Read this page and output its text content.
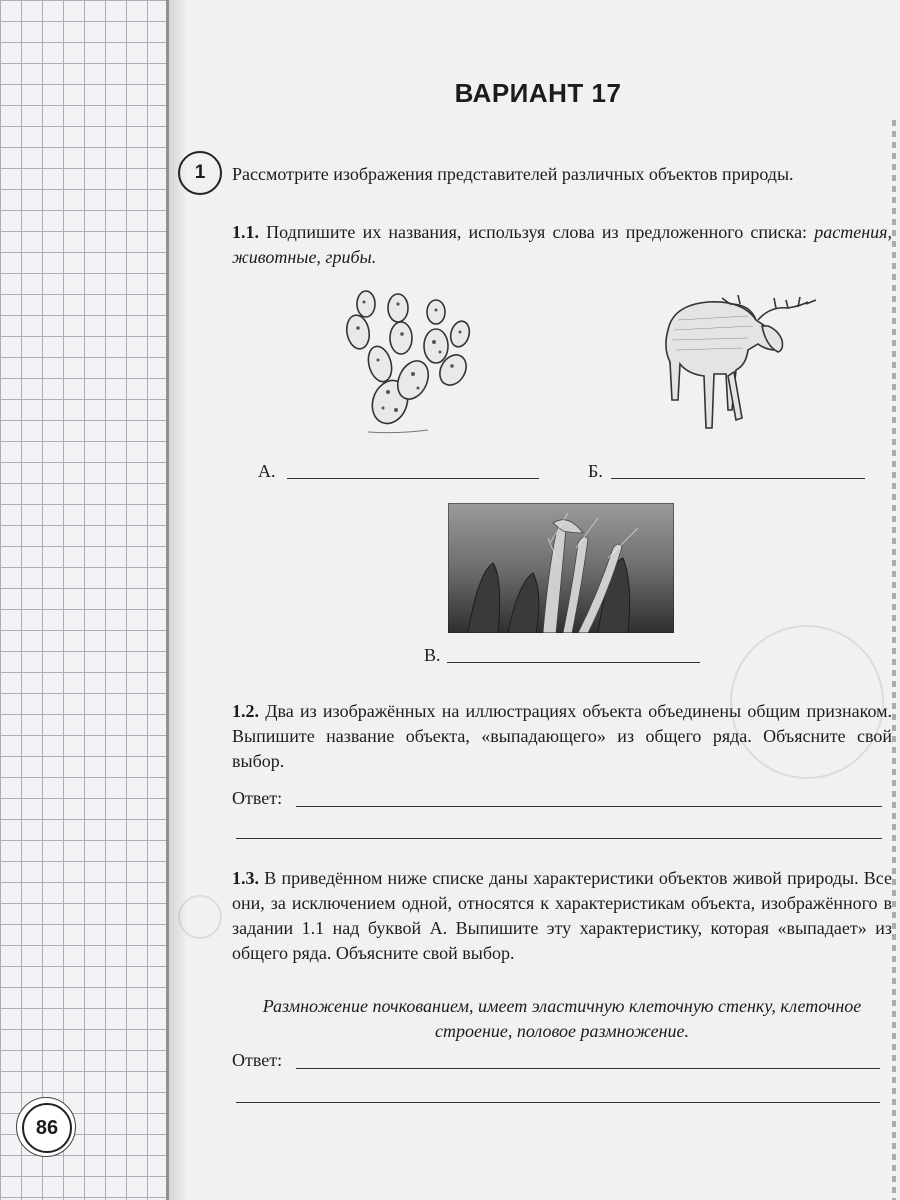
ВАРИАНТ 17
1	Рассмотрите изображения представителей различных объектов природы.
1.1. Подпишите их названия, используя слова из предложенного списка: растения, животные, грибы.
А.	Б.
В.
1.2. Два из изображённых на иллюстрациях объекта объединены общим признаком. Выпишите название объекта, «выпадающего» из общего ряда. Объясните свой выбор.
Ответ:
1.3. В приведённом ниже списке даны характеристики объектов живой природы. Все они, за исключением одной, относятся к характеристикам объекта, изображённого в задании 1.1 над буквой А. Выпишите эту характеристику, которая «выпадает» из общего ряда. Объясните свой выбор.
Размножение почкованием, имеет эластичную клеточную стенку, клеточное строение, половое размножение.
Ответ:
86
